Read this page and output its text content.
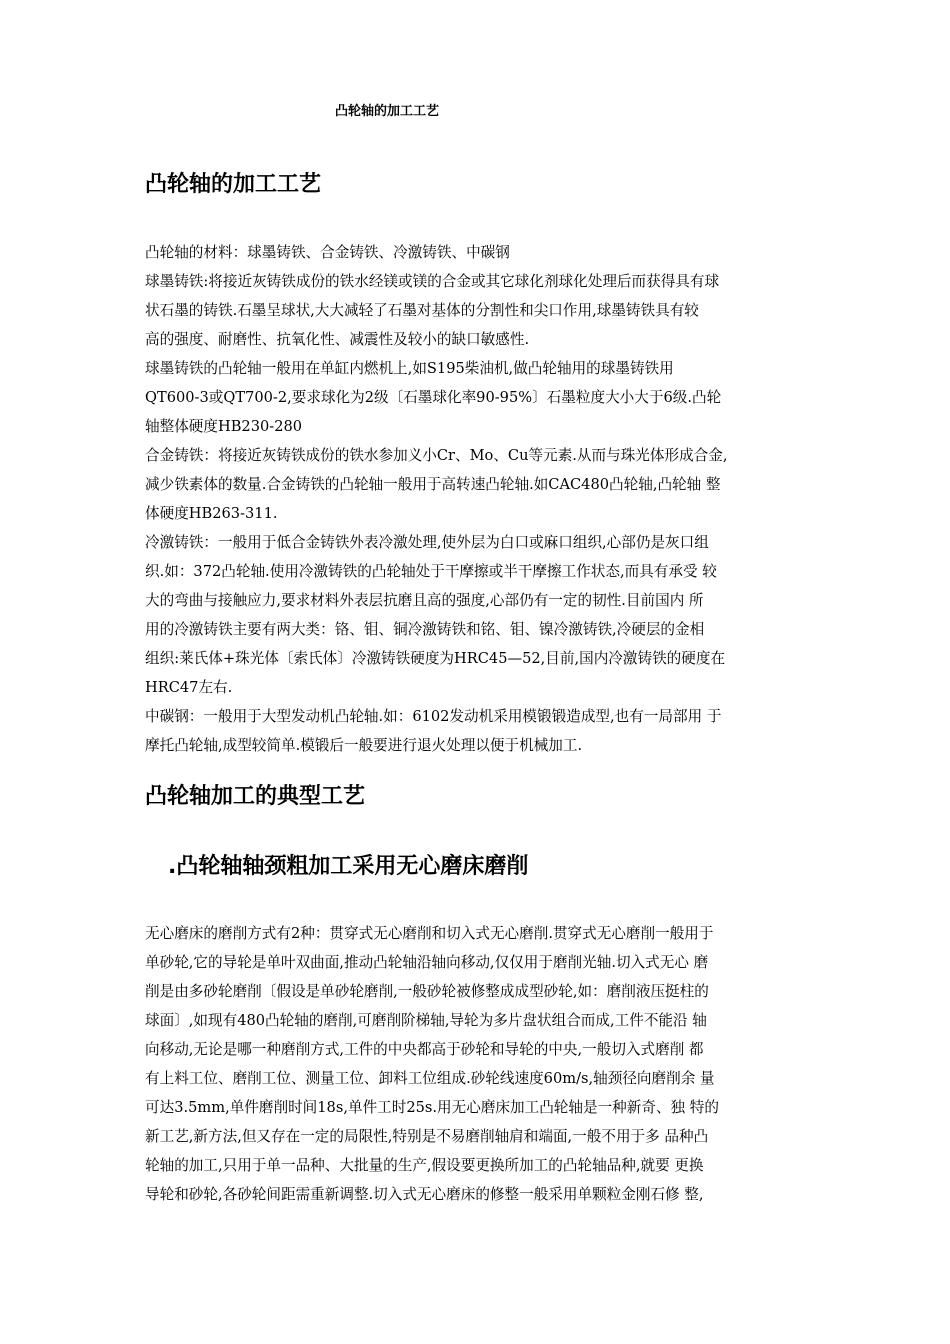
凸轮轴的加工工艺
凸轮轴的加工工艺
凸轮轴的材料：球墨铸铁、合金铸铁、冷激铸铁、中碳钢
球墨铸铁:将接近灰铸铁成份的铁水经镁或镁的合金或其它球化剂球化处理后而获得具有球
状石墨的铸铁.石墨呈球状,大大减轻了石墨对基体的分割性和尖口作用,球墨铸铁具有较
高的强度、耐磨性、抗氧化性、减震性及较小的缺口敏感性.
球墨铸铁的凸轮轴一般用在单缸内燃机上,如S195柴油机,做凸轮轴用的球墨铸铁用
QT600-3或QT700-2,要求球化为2级〔石墨球化率90-95%〕石墨粒度大小大于6级.凸轮
轴整体硬度HB230-280
合金铸铁：将接近灰铸铁成份的铁水参加义小Cr、Mo、Cu等元素.从而与珠光体形成合金,
减少铁素体的数量.合金铸铁的凸轮轴一般用于高转速凸轮轴.如CAC480凸轮轴,凸轮轴 整
体硬度HB263-311.
冷激铸铁：一般用于低合金铸铁外表冷激处理,使外层为白口或麻口组织,心部仍是灰口组
织.如：372凸轮轴.使用冷激铸铁的凸轮轴处于干摩擦或半干摩擦工作状态,而具有承受 较
大的弯曲与接触应力,要求材料外表层抗磨且高的强度,心部仍有一定的韧性.目前国内 所
用的冷激铸铁主要有两大类：铬、钼、铜冷激铸铁和铭、钼、镍冷激铸铁,冷硬层的金相
组织:莱氏体+珠光体〔索氏体〕冷激铸铁硬度为HRC45—52,目前,国内冷激铸铁的硬度在
HRC47左右.
中碳钢：一般用于大型发动机凸轮轴.如：6102发动机采用模锻锻造成型,也有一局部用 于
摩托凸轮轴,成型较简单.模锻后一般要进行退火处理以便于机械加工.
凸轮轴加工的典型工艺
.凸轮轴轴颈粗加工采用无心磨床磨削
无心磨床的磨削方式有2种：贯穿式无心磨削和切入式无心磨削.贯穿式无心磨削一般用于
单砂轮,它的导轮是单叶双曲面,推动凸轮轴沿轴向移动,仅仅用于磨削光轴.切入式无心 磨
削是由多砂轮磨削〔假设是单砂轮磨削,一般砂轮被修整成成型砂轮,如：磨削液压挺柱的
球面〕,如现有480凸轮轴的磨削,可磨削阶梯轴,导轮为多片盘状组合而成,工件不能沿 轴
向移动,无论是哪一种磨削方式,工件的中央都高于砂轮和导轮的中央,一般切入式磨削 都
有上料工位、磨削工位、测量工位、卸料工位组成.砂轮线速度60m/s,轴颈径向磨削余 量
可达3.5mm,单件磨削时间18s,单件工时25s.用无心磨床加工凸轮轴是一种新奇、独 特的
新工艺,新方法,但又存在一定的局限性,特别是不易磨削轴肩和端面,一般不用于多 品种凸
轮轴的加工,只用于单一品种、大批量的生产,假设要更换所加工的凸轮轴品种,就要 更换
导轮和砂轮,各砂轮间距需重新调整.切入式无心磨床的修整一般采用单颗粒金刚石修 整,
